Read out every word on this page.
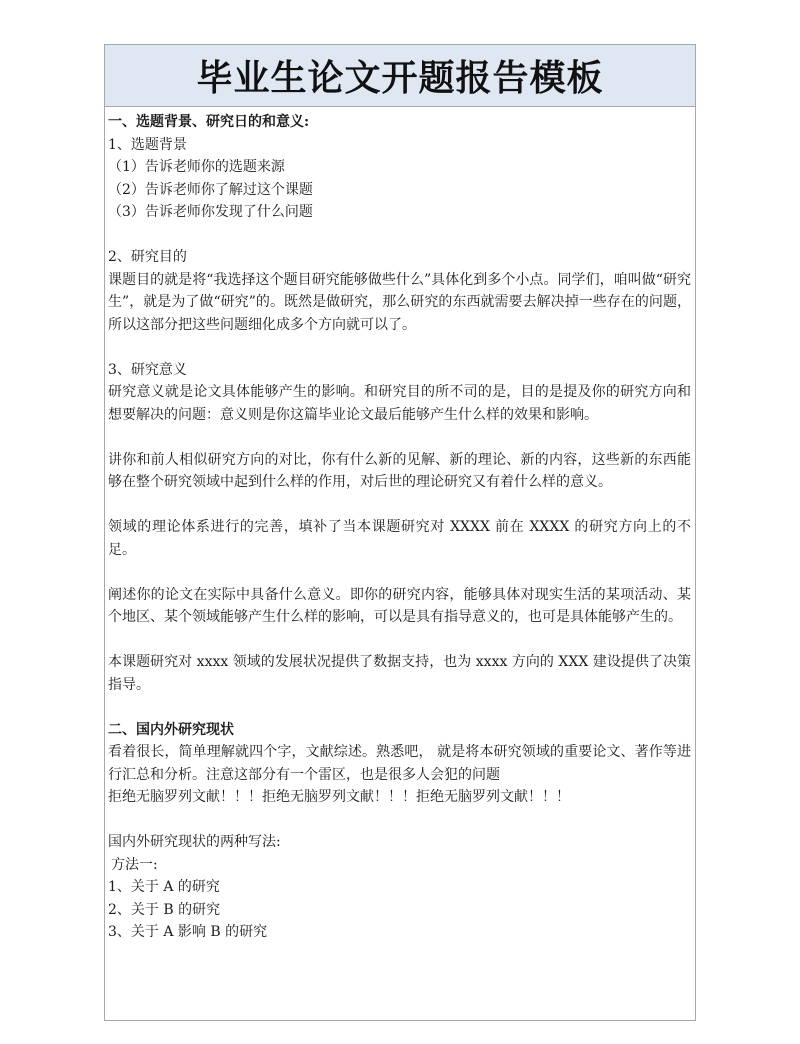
毕业生论文开题报告模板

一、选题背景、研究日的和意义:

1、选题背景

（1）告诉老师你的选题来源

（2）告诉老师你了解过这个课题

（3）告诉老师你发现了什么问题

2、研究目的

课题目的就是将“我选择这个题目研究能够做些什么”具体化到多个小点。同学们，咱叫做“研究生”，就是为了做“研究”的。既然是做研究，那么研究的东西就需要去解决掉一些存在的问题，所以这部分把这些问题细化成多个方向就可以了。

3、研究意义

研究意义就是论文具体能够产生的影响。和研究目的所不司的是，目的是提及你的研究方向和想要解决的问题：意义则是你这篇毕业论文最后能够产生什么样的效果和影响。

讲你和前人相似研究方向的对比，你有什么新的见解、新的理论、新的内容，这些新的东西能够在整个研究领域中起到什么样的作用，对后世的理论研究又有着什么样的意义。

领域的理论体系进行的完善，填补了当本课题研究对 XXXX 前在 XXXX 的研究方向上的不足。

阐述你的论文在实际中具备什么意义。即你的研究内容，能够具体对现实生活的某项活动、某个地区、某个领域能够产生什么样的影响，可以是具有指导意义的，也可是具体能够产生的。

本课题研究对 xxxx 领域的发展状况提供了数据支持，也为 xxxx 方向的 XXX 建设提供了决策指导。

二、国内外研究现状

看着很长，简单理解就四个字，文献综述。熟悉吧， 就是将本研究领域的重要论文、著作等进行汇总和分析。注意这部分有一个雷区，也是很多人会犯的问题

拒绝无脑罗列文献！！！拒绝无脑罗列文献！！！拒绝无脑罗列文献！！！

国内外研究现状的两种写法:

方法一:

1、关于 A 的研究

2、关于 B 的研究

3、关于 A 影响 B 的研究
